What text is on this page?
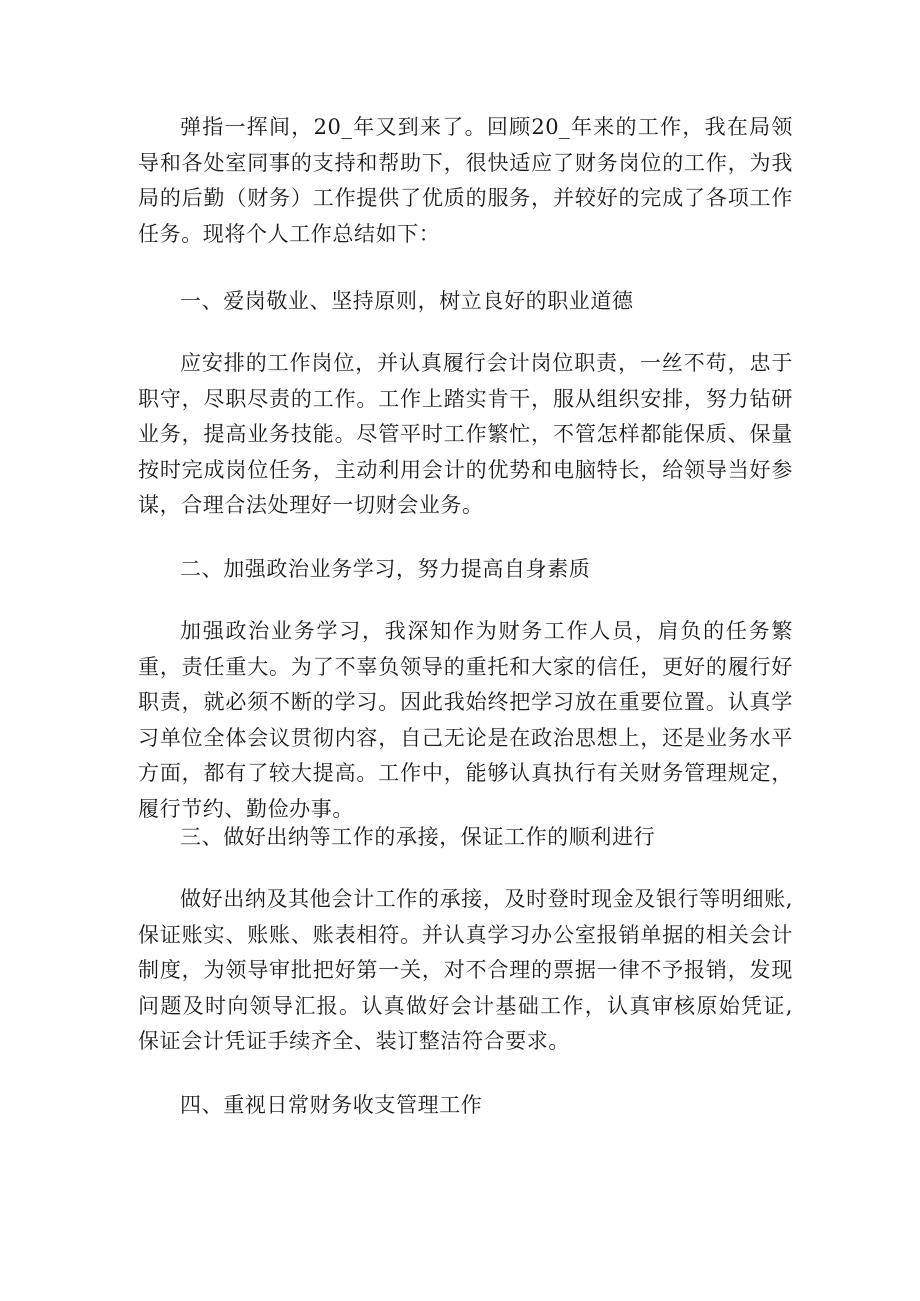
弹指一挥间，20_年又到来了。回顾20_年来的工作，我在局领导和各处室同事的支持和帮助下，很快适应了财务岗位的工作，为我局的后勤（财务）工作提供了优质的服务，并较好的完成了各项工作任务。现将个人工作总结如下：

一、爱岗敬业、坚持原则，树立良好的职业道德

应安排的工作岗位，并认真履行会计岗位职责，一丝不苟，忠于职守，尽职尽责的工作。工作上踏实肯干，服从组织安排，努力钻研业务，提高业务技能。尽管平时工作繁忙，不管怎样都能保质、保量按时完成岗位任务，主动利用会计的优势和电脑特长，给领导当好参谋，合理合法处理好一切财会业务。

二、加强政治业务学习，努力提高自身素质

加强政治业务学习，我深知作为财务工作人员，肩负的任务繁重，责任重大。为了不辜负领导的重托和大家的信任，更好的履行好职责，就必须不断的学习。因此我始终把学习放在重要位置。认真学习单位全体会议贯彻内容，自己无论是在政治思想上，还是业务水平方面，都有了较大提高。工作中，能够认真执行有关财务管理规定，履行节约、勤俭办事。

三、做好出纳等工作的承接，保证工作的顺利进行

做好出纳及其他会计工作的承接，及时登时现金及银行等明细账,保证账实、账账、账表相符。并认真学习办公室报销单据的相关会计制度，为领导审批把好第一关，对不合理的票据一律不予报销，发现问题及时向领导汇报。认真做好会计基础工作，认真审核原始凭证,保证会计凭证手续齐全、装订整洁符合要求。

四、重视日常财务收支管理工作
